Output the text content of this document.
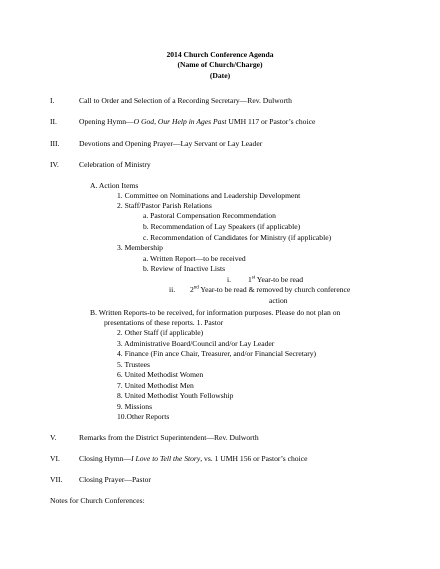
2014 Church Conference Agenda
(Name of Church/Charge)
(Date)
I.	Call to Order and Selection of a Recording Secretary—Rev. Dulworth
II.	Opening Hymn—O God, Our Help in Ages Past UMH 117 or Pastor’s choice
III.	Devotions and Opening Prayer—Lay Servant or Lay Leader
IV.	Celebration of Ministry
A. Action Items
1. Committee on Nominations and Leadership Development
2. Staff/Pastor Parish Relations
a. Pastoral Compensation Recommendation
b. Recommendation of Lay Speakers (if applicable)
c. Recommendation of Candidates for Ministry (if applicable)
3. Membership
a. Written Report—to be received
b. Review of Inactive Lists
i. 1st Year-to be read
ii. 2nd Year-to be read & removed by church conference
action
B. Written Reports-to be received, for information purposes. Please do not plan on
presentations of these reports. 1. Pastor
2. Other Staff (if applicable)
3. Administrative Board/Council and/or Lay Leader
4. Finance (Fin ance Chair, Treasurer, and/or Financial Secretary)
5. Trustees
6. United Methodist Women
7. United Methodist Men
8. United Methodist Youth Fellowship
9. Missions
10.Other Reports
V.	Remarks from the District Superintendent—Rev. Dulworth
VI.	Closing Hymn—I Love to Tell the Story, vs. 1 UMH 156 or Pastor’s choice
VII. Closing Prayer—Pastor
Notes for Church Conferences:
